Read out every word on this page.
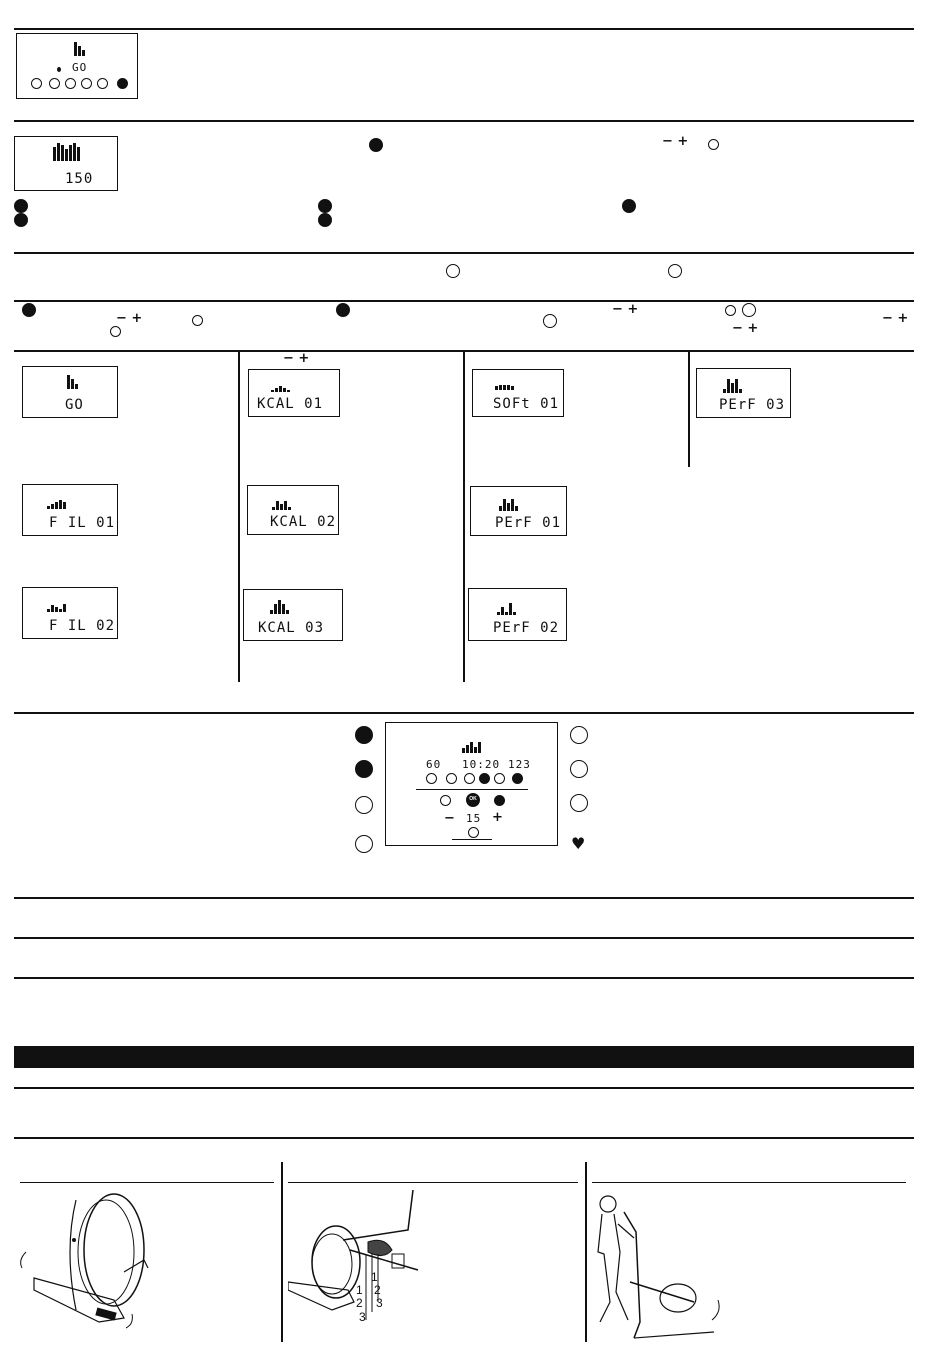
GO
150
− +
− +
− +
− +
− +
− +
GO	KCAL 01	SOFt 01	PErF 03
F IL 01	KCAL 02	PErF 01
F IL 02	KCAL 03	PErF 02
♥
60 10:20 123
OK
− 15 +
1
2
3
1
2
3
